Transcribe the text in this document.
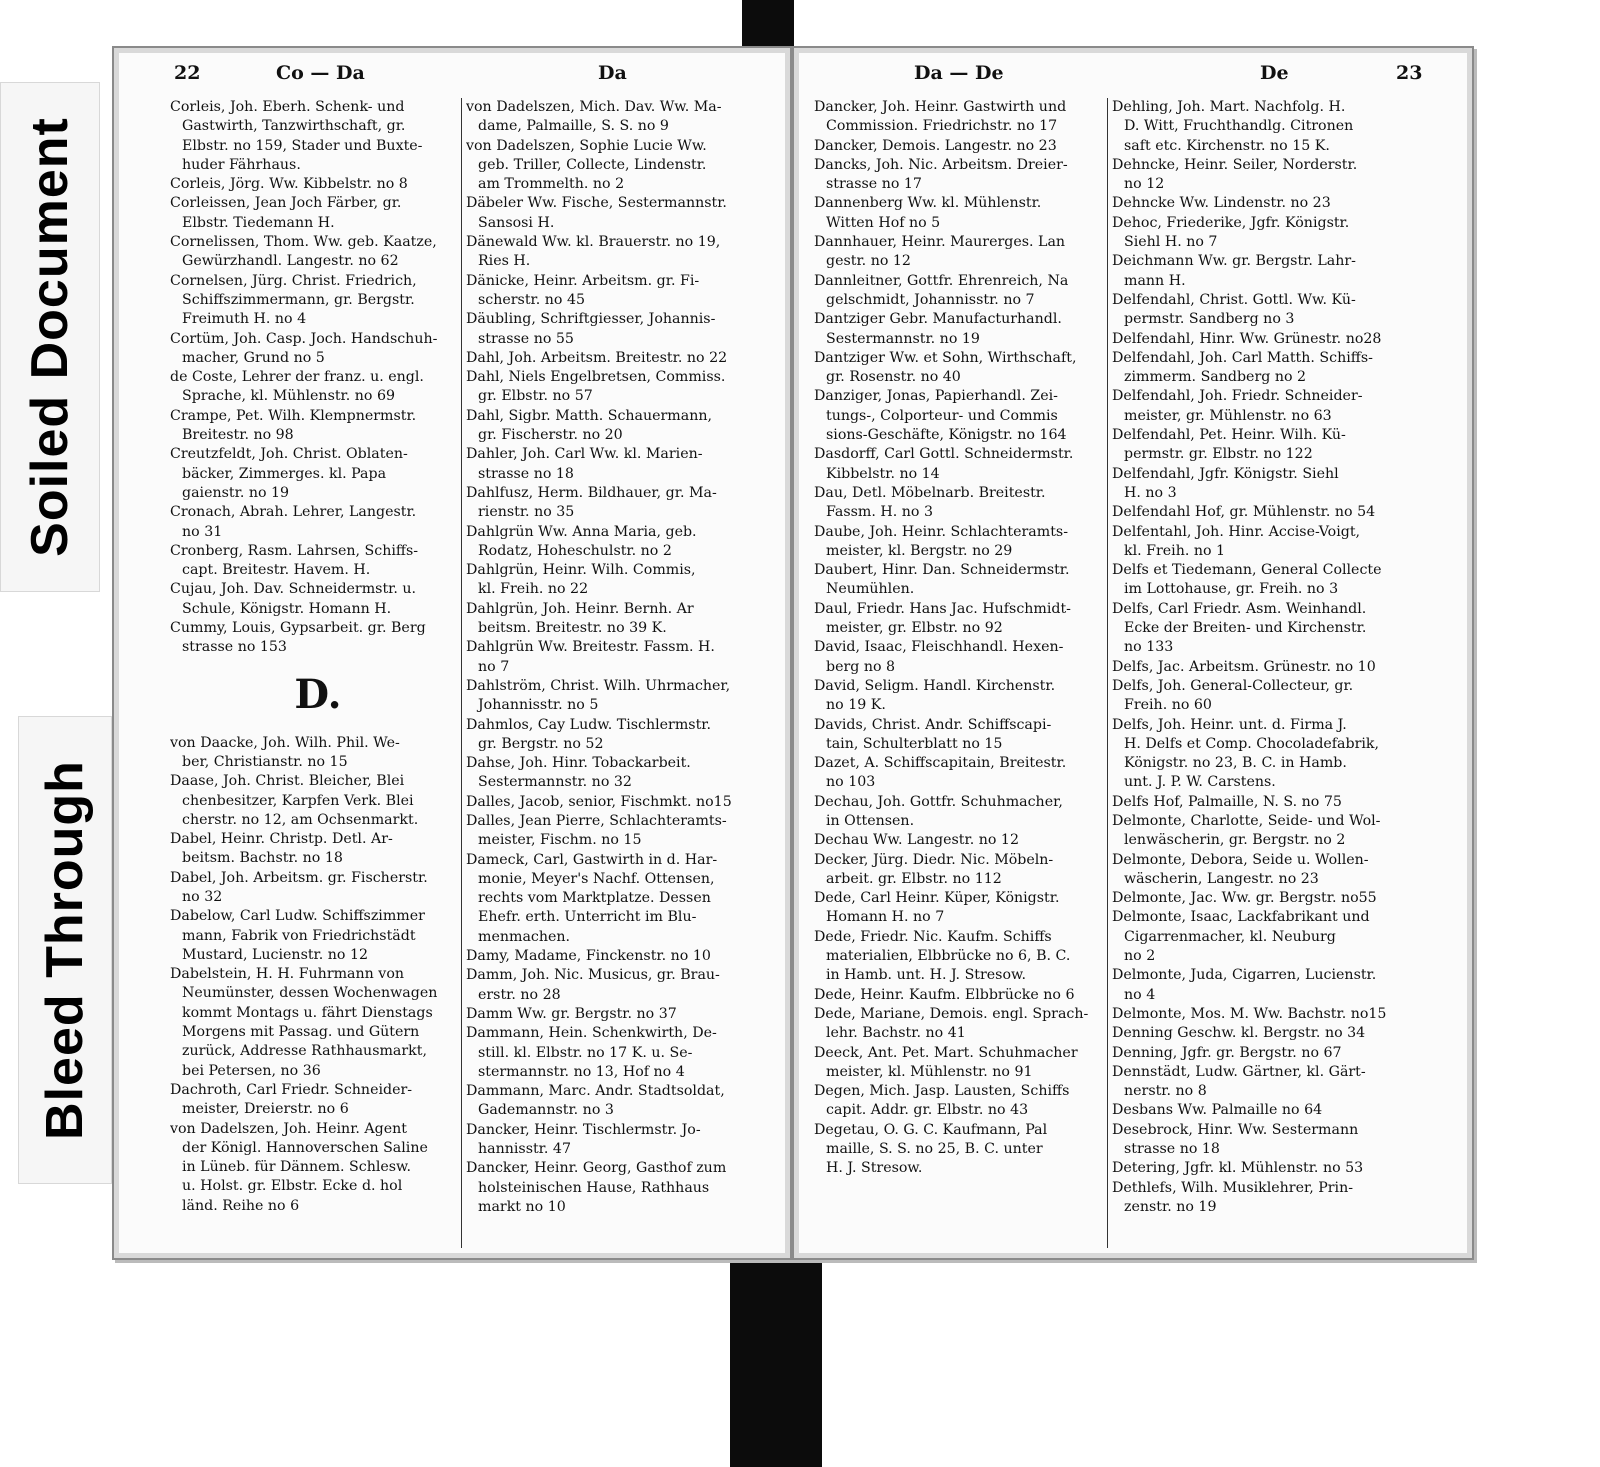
Soiled Document
Bleed Through
22	Co — Da	Da

Corleis, Joh. Eberh. Schenk- und

Gastwirth, Tanzwirthschaft, gr.

Elbstr. no 159, Stader und Buxte-

huder Fährhaus.

Corleis, Jörg. Ww. Kibbelstr. no 8

Corleissen, Jean Joch Färber, gr.

Elbstr. Tiedemann H.

Cornelissen, Thom. Ww. geb. Kaatze,

Gewürzhandl. Langestr. no 62

Cornelsen, Jürg. Christ. Friedrich,

Schiffszimmermann, gr. Bergstr.

Freimuth H. no 4

Cortüm, Joh. Casp. Joch. Handschuh-

macher, Grund no 5

de Coste, Lehrer der franz. u. engl.

Sprache, kl. Mühlenstr. no 69

Crampe, Pet. Wilh. Klempnermstr.

Breitestr. no 98

Creutzfeldt, Joh. Christ. Oblaten-

bäcker, Zimmerges. kl. Papa

gaienstr. no 19

Cronach, Abrah. Lehrer, Langestr.

no 31

Cronberg, Rasm. Lahrsen, Schiffs-

capt. Breitestr. Havem. H.

Cujau, Joh. Dav. Schneidermstr. u.

Schule, Königstr. Homann H.

Cummy, Louis, Gypsarbeit. gr. Berg

strasse no 153

D.

von Daacke, Joh. Wilh. Phil. We-

ber, Christianstr. no 15

Daase, Joh. Christ. Bleicher, Blei

chenbesitzer, Karpfen Verk. Blei

cherstr. no 12, am Ochsenmarkt.

Dabel, Heinr. Christp. Detl. Ar-

beitsm. Bachstr. no 18

Dabel, Joh. Arbeitsm. gr. Fischerstr.

no 32

Dabelow, Carl Ludw. Schiffszimmer

mann, Fabrik von Friedrichstädt

Mustard, Lucienstr. no 12

Dabelstein, H. H. Fuhrmann von

Neumünster, dessen Wochenwagen

kommt Montags u. fährt Dienstags

Morgens mit Passag. und Gütern

zurück, Addresse Rathhausmarkt,

bei Petersen, no 36

Dachroth, Carl Friedr. Schneider-

meister, Dreierstr. no 6

von Dadelszen, Joh. Heinr. Agent

der Königl. Hannoverschen Saline

in Lüneb. für Dännem. Schlesw.

u. Holst. gr. Elbstr. Ecke d. hol

länd. Reihe no 6

von Dadelszen, Mich. Dav. Ww. Ma-

dame, Palmaille, S. S. no 9

von Dadelszen, Sophie Lucie Ww.

geb. Triller, Collecte, Lindenstr.

am Trommelth. no 2

Däbeler Ww. Fische, Sestermannstr.

Sansosi H.

Dänewald Ww. kl. Brauerstr. no 19,

Ries H.

Dänicke, Heinr. Arbeitsm. gr. Fi-

scherstr. no 45

Däubling, Schriftgiesser, Johannis-

strasse no 55

Dahl, Joh. Arbeitsm. Breitestr. no 22

Dahl, Niels Engelbretsen, Commiss.

gr. Elbstr. no 57

Dahl, Sigbr. Matth. Schauermann,

gr. Fischerstr. no 20

Dahler, Joh. Carl Ww. kl. Marien-

strasse no 18

Dahlfusz, Herm. Bildhauer, gr. Ma-

rienstr. no 35

Dahlgrün Ww. Anna Maria, geb.

Rodatz, Hoheschulstr. no 2

Dahlgrün, Heinr. Wilh. Commis,

kl. Freih. no 22

Dahlgrün, Joh. Heinr. Bernh. Ar

beitsm. Breitestr. no 39 K.

Dahlgrün Ww. Breitestr. Fassm. H.

no 7

Dahlström, Christ. Wilh. Uhrmacher,

Johannisstr. no 5

Dahmlos, Cay Ludw. Tischlermstr.

gr. Bergstr. no 52

Dahse, Joh. Hinr. Tobackarbeit.

Sestermannstr. no 32

Dalles, Jacob, senior, Fischmkt. no15

Dalles, Jean Pierre, Schlachteramts-

meister, Fischm. no 15

Dameck, Carl, Gastwirth in d. Har-

monie, Meyer's Nachf. Ottensen,

rechts vom Marktplatze. Dessen

Ehefr. erth. Unterricht im Blu-

menmachen.

Damy, Madame, Finckenstr. no 10

Damm, Joh. Nic. Musicus, gr. Brau-

erstr. no 28

Damm Ww. gr. Bergstr. no 37

Dammann, Hein. Schenkwirth, De-

still. kl. Elbstr. no 17 K. u. Se-

stermannstr. no 13, Hof no 4

Dammann, Marc. Andr. Stadtsoldat,

Gademannstr. no 3

Dancker, Heinr. Tischlermstr. Jo-

hannisstr. 47

Dancker, Heinr. Georg, Gasthof zum

holsteinischen Hause, Rathhaus

markt no 10

Da — De	De	23

Dancker, Joh. Heinr. Gastwirth und

Commission. Friedrichstr. no 17

Dancker, Demois. Langestr. no 23

Dancks, Joh. Nic. Arbeitsm. Dreier-

strasse no 17

Dannenberg Ww. kl. Mühlenstr.

Witten Hof no 5

Dannhauer, Heinr. Maurerges. Lan

gestr. no 12

Dannleitner, Gottfr. Ehrenreich, Na

gelschmidt, Johannisstr. no 7

Dantziger Gebr. Manufacturhandl.

Sestermannstr. no 19

Dantziger Ww. et Sohn, Wirthschaft,

gr. Rosenstr. no 40

Danziger, Jonas, Papierhandl. Zei-

tungs-, Colporteur- und Commis

sions-Geschäfte, Königstr. no 164

Dasdorff, Carl Gottl. Schneidermstr.

Kibbelstr. no 14

Dau, Detl. Möbelnarb. Breitestr.

Fassm. H. no 3

Daube, Joh. Heinr. Schlachteramts-

meister, kl. Bergstr. no 29

Daubert, Hinr. Dan. Schneidermstr.

Neumühlen.

Daul, Friedr. Hans Jac. Hufschmidt-

meister, gr. Elbstr. no 92

David, Isaac, Fleischhandl. Hexen-

berg no 8

David, Seligm. Handl. Kirchenstr.

no 19 K.

Davids, Christ. Andr. Schiffscapi-

tain, Schulterblatt no 15

Dazet, A. Schiffscapitain, Breitestr.

no 103

Dechau, Joh. Gottfr. Schuhmacher,

in Ottensen.

Dechau Ww. Langestr. no 12

Decker, Jürg. Diedr. Nic. Möbeln-

arbeit. gr. Elbstr. no 112

Dede, Carl Heinr. Küper, Königstr.

Homann H. no 7

Dede, Friedr. Nic. Kaufm. Schiffs

materialien, Elbbrücke no 6, B. C.

in Hamb. unt. H. J. Stresow.

Dede, Heinr. Kaufm. Elbbrücke no 6

Dede, Mariane, Demois. engl. Sprach-

lehr. Bachstr. no 41

Deeck, Ant. Pet. Mart. Schuhmacher

meister, kl. Mühlenstr. no 91

Degen, Mich. Jasp. Lausten, Schiffs

capit. Addr. gr. Elbstr. no 43

Degetau, O. G. C. Kaufmann, Pal

maille, S. S. no 25, B. C. unter

H. J. Stresow.

Dehling, Joh. Mart. Nachfolg. H.

D. Witt, Fruchthandlg. Citronen

saft etc. Kirchenstr. no 15 K.

Dehncke, Heinr. Seiler, Norderstr.

no 12

Dehncke Ww. Lindenstr. no 23

Dehoc, Friederike, Jgfr. Königstr.

Siehl H. no 7

Deichmann Ww. gr. Bergstr. Lahr-

mann H.

Delfendahl, Christ. Gottl. Ww. Kü-

permstr. Sandberg no 3

Delfendahl, Hinr. Ww. Grünestr. no28

Delfendahl, Joh. Carl Matth. Schiffs-

zimmerm. Sandberg no 2

Delfendahl, Joh. Friedr. Schneider-

meister, gr. Mühlenstr. no 63

Delfendahl, Pet. Heinr. Wilh. Kü-

permstr. gr. Elbstr. no 122

Delfendahl, Jgfr. Königstr. Siehl

H. no 3

Delfendahl Hof, gr. Mühlenstr. no 54

Delfentahl, Joh. Hinr. Accise-Voigt,

kl. Freih. no 1

Delfs et Tiedemann, General Collecte

im Lottohause, gr. Freih. no 3

Delfs, Carl Friedr. Asm. Weinhandl.

Ecke der Breiten- und Kirchenstr.

no 133

Delfs, Jac. Arbeitsm. Grünestr. no 10

Delfs, Joh. General-Collecteur, gr.

Freih. no 60

Delfs, Joh. Heinr. unt. d. Firma J.

H. Delfs et Comp. Chocoladefabrik,

Königstr. no 23, B. C. in Hamb.

unt. J. P. W. Carstens.

Delfs Hof, Palmaille, N. S. no 75

Delmonte, Charlotte, Seide- und Wol-

lenwäscherin, gr. Bergstr. no 2

Delmonte, Debora, Seide u. Wollen-

wäscherin, Langestr. no 23

Delmonte, Jac. Ww. gr. Bergstr. no55

Delmonte, Isaac, Lackfabrikant und

Cigarrenmacher, kl. Neuburg

no 2

Delmonte, Juda, Cigarren, Lucienstr.

no 4

Delmonte, Mos. M. Ww. Bachstr. no15

Denning Geschw. kl. Bergstr. no 34

Denning, Jgfr. gr. Bergstr. no 67

Dennstädt, Ludw. Gärtner, kl. Gärt-

nerstr. no 8

Desbans Ww. Palmaille no 64

Desebrock, Hinr. Ww. Sestermann

strasse no 18

Detering, Jgfr. kl. Mühlenstr. no 53

Dethlefs, Wilh. Musiklehrer, Prin-

zenstr. no 19
